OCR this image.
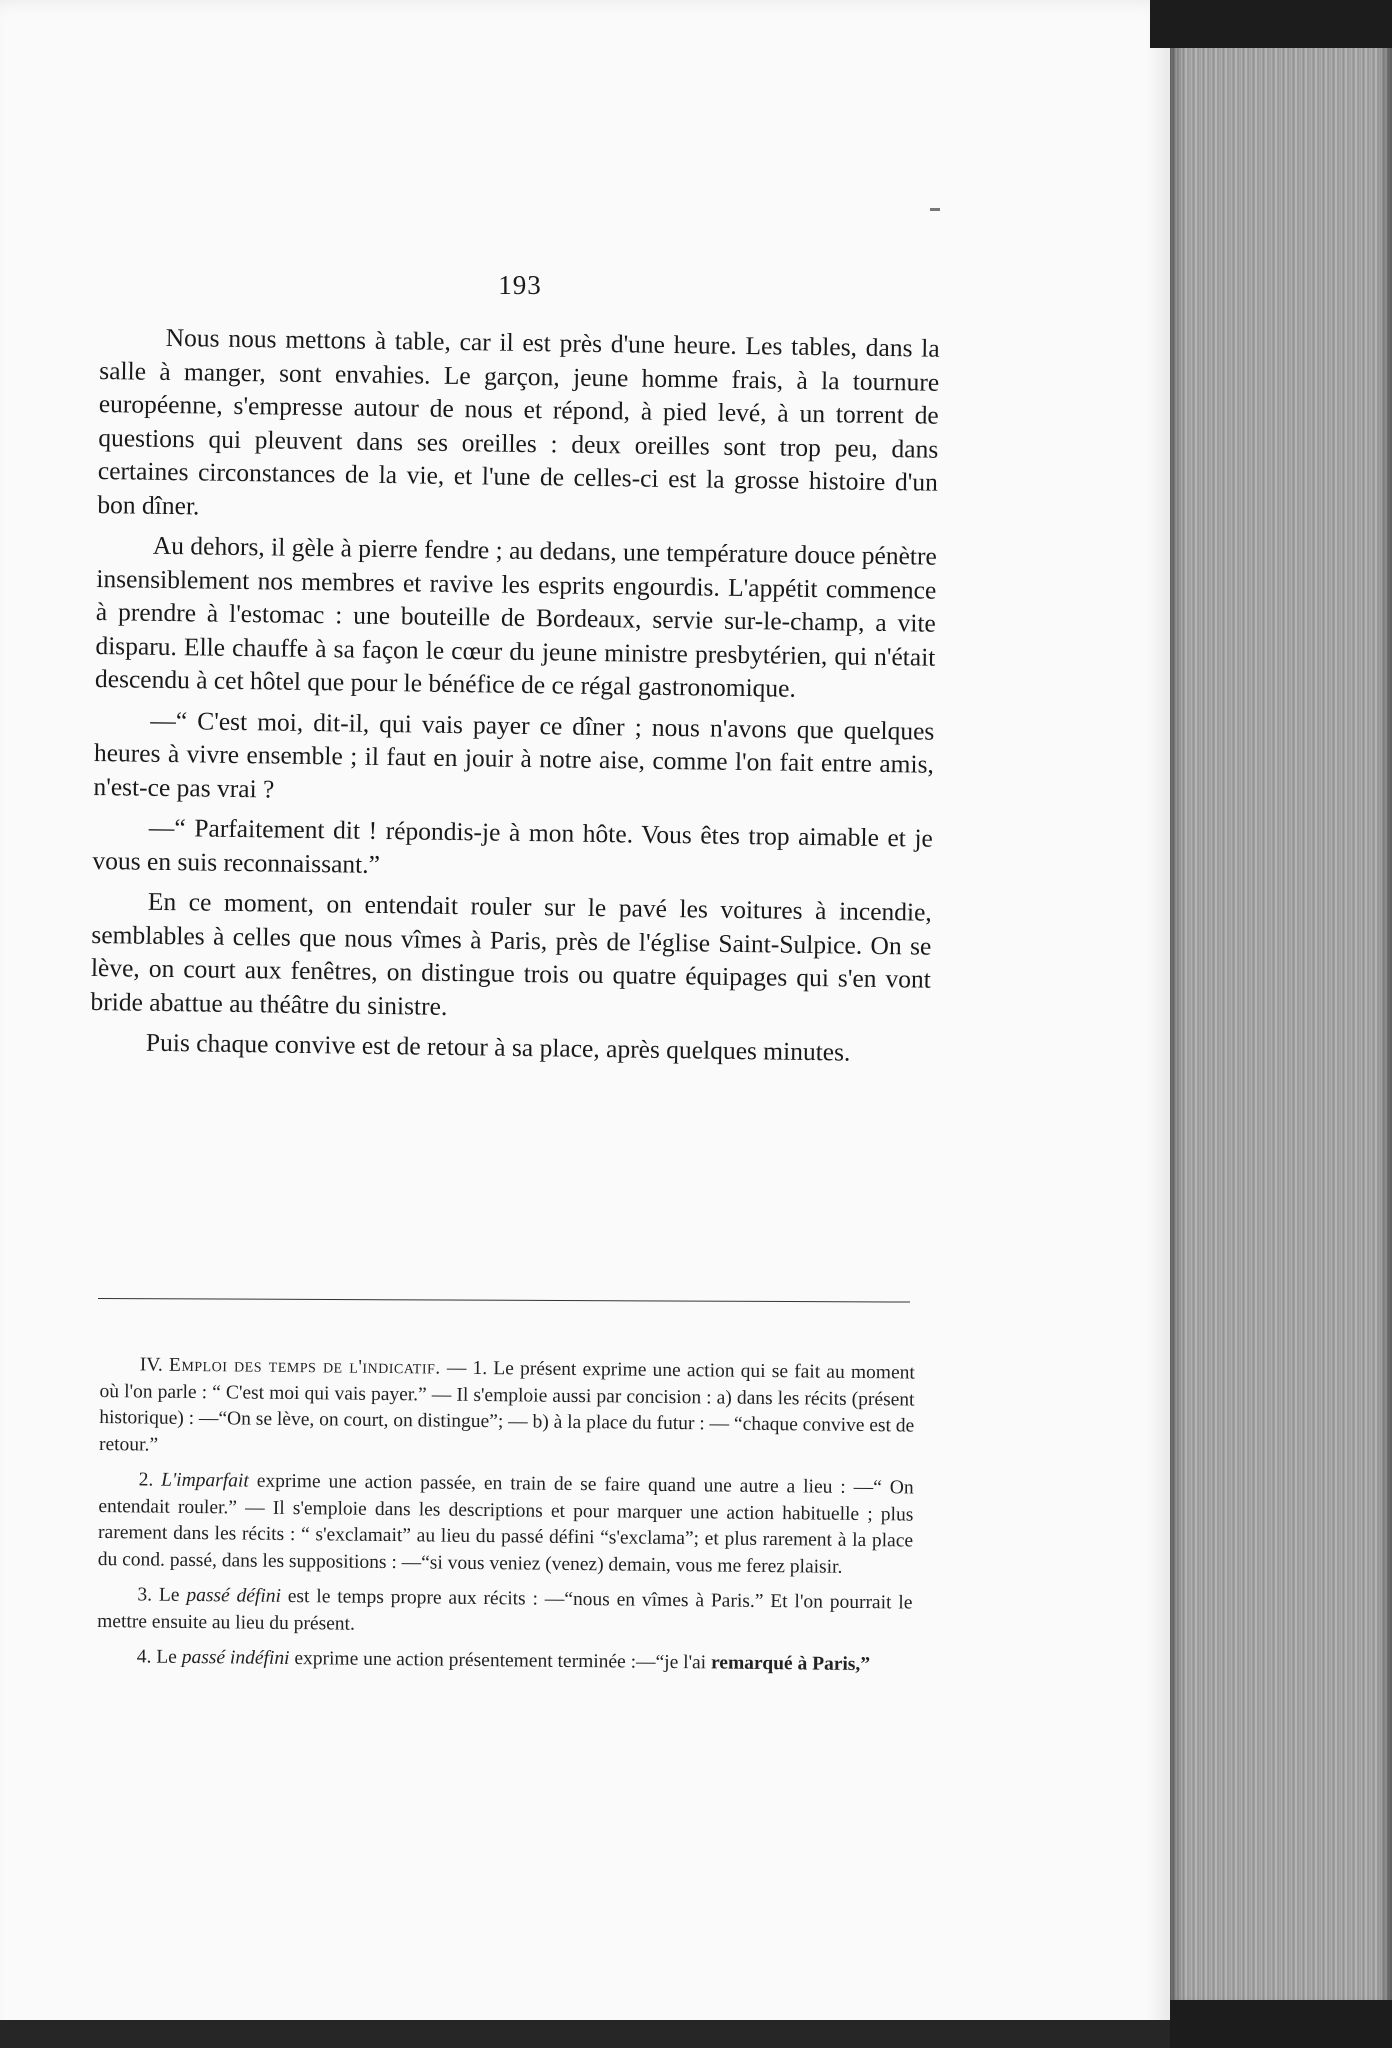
193

Nous nous mettons à table, car il est près d'une heure. Les tables, dans la salle à manger, sont envahies. Le garçon, jeune homme frais, à la tournure européenne, s'empresse autour de nous et répond, à pied levé, à un torrent de questions qui pleuvent dans ses oreilles : deux oreilles sont trop peu, dans certaines circonstances de la vie, et l'une de celles-ci est la grosse histoire d'un bon dîner.

Au dehors, il gèle à pierre fendre ; au dedans, une température douce pénètre insensiblement nos membres et ravive les esprits engourdis. L'appétit commence à prendre à l'estomac : une bouteille de Bordeaux, servie sur-le-champ, a vite disparu. Elle chauffe à sa façon le cœur du jeune ministre presbytérien, qui n'était descendu à cet hôtel que pour le bénéfice de ce régal gastronomique.

—“ C'est moi, dit-il, qui vais payer ce dîner ; nous n'avons que quelques heures à vivre ensemble ; il faut en jouir à notre aise, comme l'on fait entre amis, n'est-ce pas vrai ?

—“ Parfaitement dit ! répondis-je à mon hôte. Vous êtes trop aimable et je vous en suis reconnaissant.”

En ce moment, on entendait rouler sur le pavé les voitures à incendie, semblables à celles que nous vîmes à Paris, près de l'église Saint-Sulpice. On se lève, on court aux fenêtres, on distingue trois ou quatre équipages qui s'en vont bride abattue au théâtre du sinistre.

Puis chaque convive est de retour à sa place, après quelques minutes.

IV. Emploi des temps de l'indicatif. — 1. Le présent exprime une action qui se fait au moment où l'on parle : “ C'est moi qui vais payer.” — Il s'emploie aussi par concision : a) dans les récits (présent historique) : —“On se lève, on court, on distingue”; — b) à la place du futur : — “chaque convive est de retour.”

2. L'imparfait exprime une action passée, en train de se faire quand une autre a lieu : —“ On entendait rouler.” — Il s'emploie dans les descriptions et pour marquer une action habituelle ; plus rarement dans les récits : “ s'exclamait” au lieu du passé défini “s'exclama”; et plus rarement à la place du cond. passé, dans les suppositions : —“si vous veniez (venez) demain, vous me ferez plaisir.

3. Le passé défini est le temps propre aux récits : —“nous en vîmes à Paris.” Et l'on pourrait le mettre ensuite au lieu du présent.

4. Le passé indéfini exprime une action présentement terminée :—“je l'ai remarqué à Paris,”
